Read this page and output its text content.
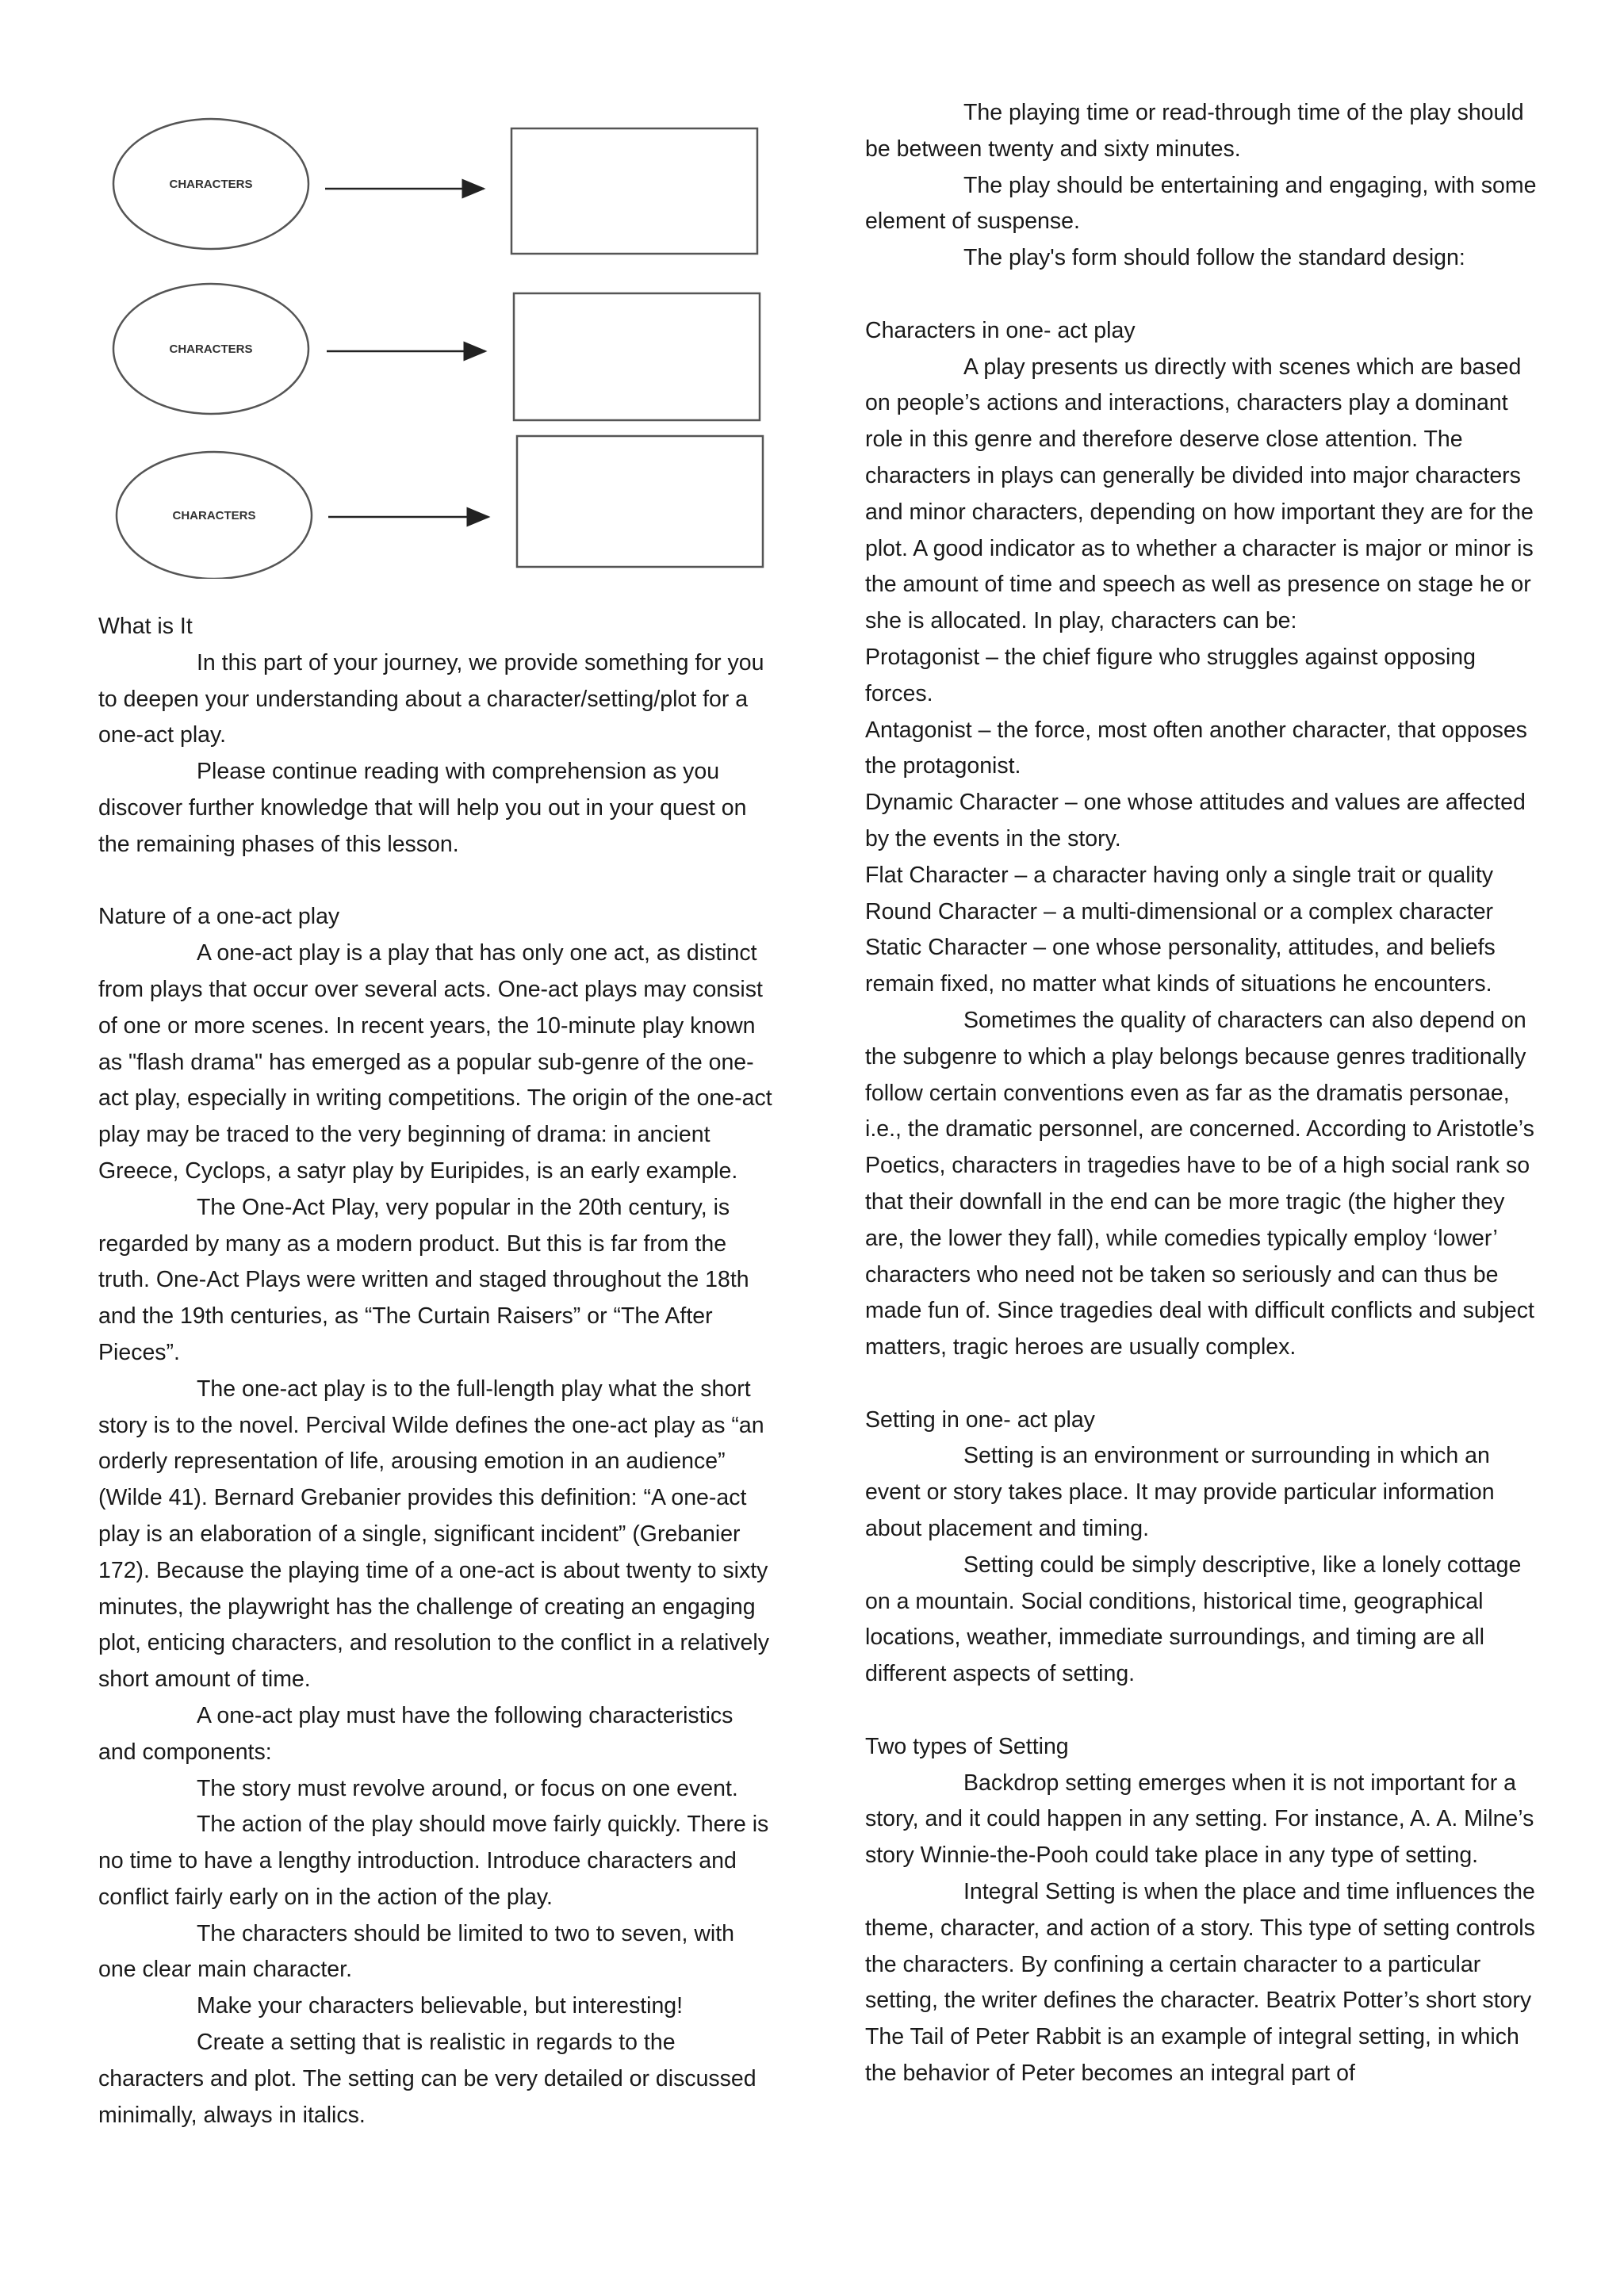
CHARACTERS
CHARACTERS
CHARACTERS

What is It

In this part of your journey, we provide something for you to deepen your understanding about a character/setting/plot for a one-act play.

Please continue reading with comprehension as you discover further knowledge that will help you out in your quest on the remaining phases of this lesson.

Nature of a one-act play

A one-act play is a play that has only one act, as distinct from plays that occur over several acts. One-act plays may consist of one or more scenes. In recent years, the 10-minute play known as "flash drama" has emerged as a popular sub-genre of the one-act play, especially in writing competitions. The origin of the one-act play may be traced to the very beginning of drama: in ancient Greece, Cyclops, a satyr play by Euripides, is an early example.

The One-Act Play, very popular in the 20th century, is regarded by many as a modern product. But this is far from the truth. One-Act Plays were written and staged throughout the 18th and the 19th centuries, as “The Curtain Raisers” or “The After Pieces”.

The one-act play is to the full-length play what the short story is to the novel. Percival Wilde defines the one-act play as “an orderly representation of life, arousing emotion in an audience” (Wilde 41). Bernard Grebanier provides this definition: “A one-act play is an elaboration of a single, significant incident” (Grebanier 172). Because the playing time of a one-act is about twenty to sixty minutes, the playwright has the challenge of creating an engaging plot, enticing characters, and resolution to the conflict in a relatively short amount of time.

A one-act play must have the following characteristics and components:

The story must revolve around, or focus on one event.

The action of the play should move fairly quickly. There is no time to have a lengthy introduction. Introduce characters and conflict fairly early on in the action of the play.

The characters should be limited to two to seven, with one clear main character.

Make your characters believable, but interesting!

Create a setting that is realistic in regards to the characters and plot. The setting can be very detailed or discussed minimally, always in italics.

The playing time or read-through time of the play should be between twenty and sixty minutes.

The play should be entertaining and engaging, with some element of suspense.

The play's form should follow the standard design:

Characters in one- act play

A play presents us directly with scenes which are based on people’s actions and interactions, characters play a dominant role in this genre and therefore deserve close attention. The characters in plays can generally be divided into major characters and minor characters, depending on how important they are for the plot. A good indicator as to whether a character is major or minor is the amount of time and speech as well as presence on stage he or she is allocated. In play, characters can be:

Protagonist – the chief figure who struggles against opposing forces.

Antagonist – the force, most often another character, that opposes the protagonist.

Dynamic Character – one whose attitudes and values are affected by the events in the story.

Flat Character – a character having only a single trait or quality

Round Character – a multi-dimensional or a complex character

Static Character – one whose personality, attitudes, and beliefs remain fixed, no matter what kinds of situations he encounters.

Sometimes the quality of characters can also depend on the subgenre to which a play belongs because genres traditionally follow certain conventions even as far as the dramatis personae, i.e., the dramatic personnel, are concerned. According to Aristotle’s Poetics, characters in tragedies have to be of a high social rank so that their downfall in the end can be more tragic (the higher they are, the lower they fall), while comedies typically employ ‘lower’ characters who need not be taken so seriously and can thus be made fun of. Since tragedies deal with difficult conflicts and subject matters, tragic heroes are usually complex.

Setting in one- act play

Setting is an environment or surrounding in which an event or story takes place. It may provide particular information about placement and timing.

Setting could be simply descriptive, like a lonely cottage on a mountain. Social conditions, historical time, geographical locations, weather, immediate surroundings, and timing are all different aspects of setting.

Two types of Setting

Backdrop setting emerges when it is not important for a story, and it could happen in any setting. For instance, A. A. Milne’s story Winnie-the-Pooh could take place in any type of setting.

Integral Setting is when the place and time influences the theme, character, and action of a story. This type of setting controls the characters. By confining a certain character to a particular setting, the writer defines the character. Beatrix Potter’s short story The Tail of Peter Rabbit is an example of integral setting, in which the behavior of Peter becomes an integral part of
